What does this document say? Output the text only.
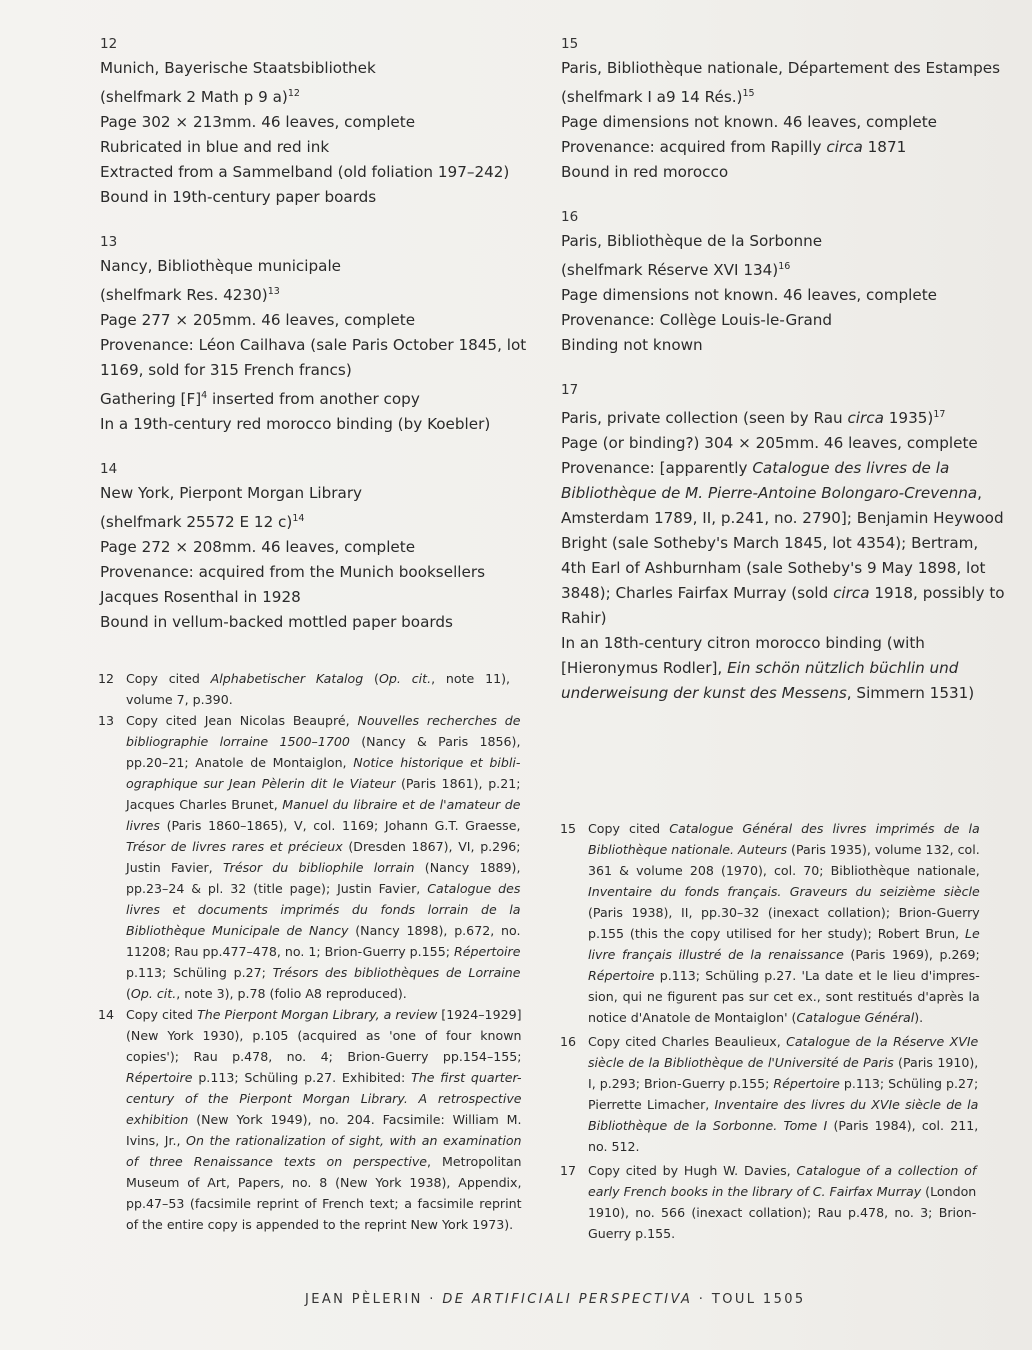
12
Munich, Bayerische Staatsbibliothek
(shelfmark 2 Math p 9 a)$^{12}$
Page 302 × 213mm. 46 leaves, complete
Rubricated in blue and red ink
Extracted from a Sammelband (old foliation 197–242)
Bound in 19th-century paper boards
13
Nancy, Bibliothèque municipale
(shelfmark Res. 4230)$^{13}$
Page 277 × 205mm. 46 leaves, complete
Provenance: Léon Cailhava (sale Paris October 1845, lot
1169, sold for 315 French francs)
Gathering $[F]^4$ inserted from another copy
In a 19th-century red morocco binding (by Koebler)
14
New York, Pierpont Morgan Library
(shelfmark 25572 E 12 c)$^{14}$
Page 272 × 208mm. 46 leaves, complete
Provenance: acquired from the Munich booksellers
Jacques Rosenthal in 1928
Bound in vellum-backed mottled paper boards
15
Paris, Bibliothèque nationale, Département des Estampes
(shelfmark I a9 14 Rés.)$^{15}$
Page dimensions not known. 46 leaves, complete
Provenance: acquired from Rapilly circa 1871
Bound in red morocco
16
Paris, Bibliothèque de la Sorbonne
(shelfmark Réserve XVI 134)$^{16}$
Page dimensions not known. 46 leaves, complete
Provenance: Collège Louis-le-Grand
Binding not known
17
Paris, private collection (seen by Rau circa 1935)$^{17}$
Page (or binding?) 304 × 205mm. 46 leaves, complete
Provenance: [apparently Catalogue des livres de la
Bibliothèque de M. Pierre-Antoine Bolongaro-Crevenna,
Amsterdam 1789, II, p.241, no. 2790]; Benjamin Heywood
Bright (sale Sotheby's March 1845, lot 4354); Bertram,
4th Earl of Ashburnham (sale Sotheby's 9 May 1898, lot
3848); Charles Fairfax Murray (sold circa 1918, possibly to
Rahir)
In an 18th-century citron morocco binding (with
[Hieronymus Rodler], Ein schön nützlich büchlin und
underweisung der kunst des Messens, Simmern 1531)
12 Copy cited Alphabetischer Katalog (Op. cit., note 11),
volume 7, p.390.
13 Copy cited Jean Nicolas Beaupré, Nouvelles recherches de
bibliographie lorraine 1500–1700 (Nancy & Paris 1856),
pp.20–21; Anatole de Montaiglon, Notice historique et bibli-
ographique sur Jean Pèlerin dit le Viateur (Paris 1861), p.21;
Jacques Charles Brunet, Manuel du libraire et de l'amateur de
livres (Paris 1860–1865), V, col. 1169; Johann G.T. Graesse,
Trésor de livres rares et précieux (Dresden 1867), VI, p.296;
Justin Favier, Trésor du bibliophile lorrain (Nancy 1889),
pp.23–24 & pl. 32 (title page); Justin Favier, Catalogue des
livres et documents imprimés du fonds lorrain de la
Bibliothèque Municipale de Nancy (Nancy 1898), p.672, no.
11208; Rau pp.477–478, no. 1; Brion-Guerry p.155; Répertoire
p.113; Schüling p.27; Trésors des bibliothèques de Lorraine
(Op. cit., note 3), p.78 (folio A8 reproduced).
14 Copy cited The Pierpont Morgan Library, a review [1924–1929]
(New York 1930), p.105 (acquired as 'one of four known
copies'); Rau p.478, no. 4; Brion-Guerry pp.154–155;
Répertoire p.113; Schüling p.27. Exhibited: The first quarter-
century of the Pierpont Morgan Library. A retrospective
exhibition (New York 1949), no. 204. Facsimile: William M.
Ivins, Jr., On the rationalization of sight, with an examination
of three Renaissance texts on perspective, Metropolitan
Museum of Art, Papers, no. 8 (New York 1938), Appendix,
pp.47–53 (facsimile reprint of French text; a facsimile reprint
of the entire copy is appended to the reprint New York 1973).
15 Copy cited Catalogue Général des livres imprimés de la
Bibliothèque nationale. Auteurs (Paris 1935), volume 132, col.
361 & volume 208 (1970), col. 70; Bibliothèque nationale,
Inventaire du fonds français. Graveurs du seizième siècle
(Paris 1938), II, pp.30–32 (inexact collation); Brion-Guerry
p.155 (this the copy utilised for her study); Robert Brun, Le
livre français illustré de la renaissance (Paris 1969), p.269;
Répertoire p.113; Schüling p.27. 'La date et le lieu d'impres-
sion, qui ne figurent pas sur cet ex., sont restitués d'après la
notice d'Anatole de Montaiglon' (Catalogue Général).
16 Copy cited Charles Beaulieux, Catalogue de la Réserve XVIe
siècle de la Bibliothèque de l'Université de Paris (Paris 1910),
I, p.293; Brion-Guerry p.155; Répertoire p.113; Schüling p.27;
Pierrette Limacher, Inventaire des livres du XVIe siècle de la
Bibliothèque de la Sorbonne. Tome I (Paris 1984), col. 211,
no. 512.
17 Copy cited by Hugh W. Davies, Catalogue of a collection of
early French books in the library of C. Fairfax Murray (London
1910), no. 566 (inexact collation); Rau p.478, no. 3; Brion-
Guerry p.155.
JEAN PÈLERIN · DE ARTIFICIALI PERSPECTIVA · TOUL 1505
